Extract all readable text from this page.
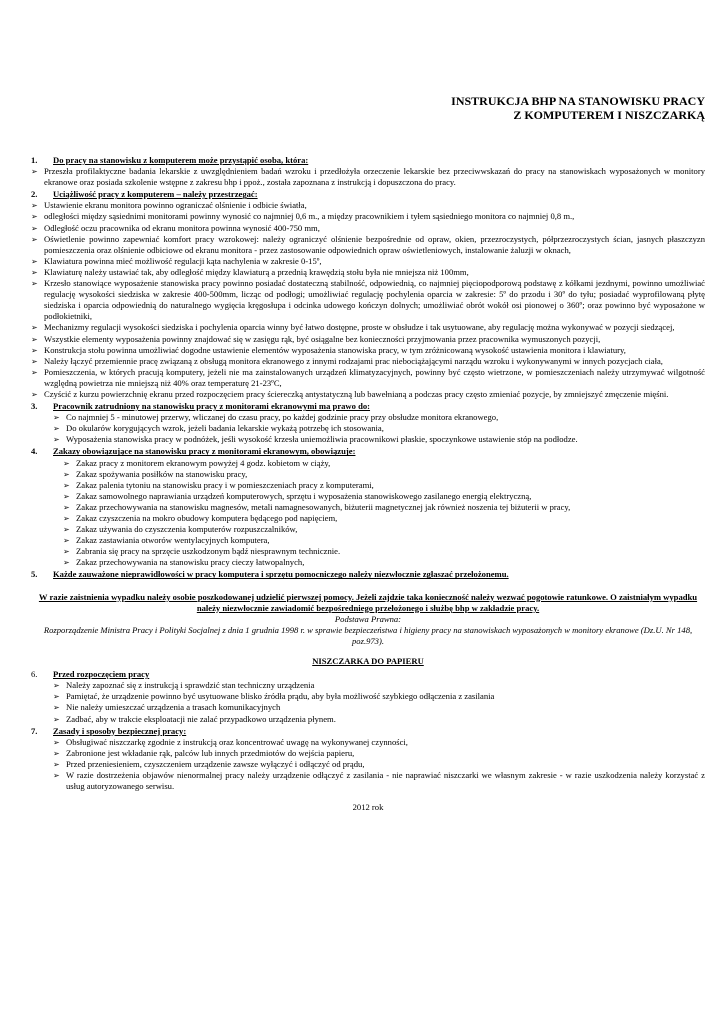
INSTRUKCJA BHP NA STANOWISKU PRACY
Z KOMPUTEREM I NISZCZARKĄ
1.	Do pracy na stanowisku z komputerem może przystąpić osoba, która:
➢ Przeszła profilaktyczne badania lekarskie z uwzględnieniem badań wzroku i przedłożyła orzeczenie lekarskie bez przeciwwskazań do pracy na stanowiskach wyposażonych w monitory ekranowe oraz posiada szkolenie wstępne z zakresu bhp i ppoż., została zapoznana z instrukcją i dopuszczona do pracy.
2.	Uciążliwość pracy z komputerem – należy przestrzegać:
➢ Ustawienie ekranu monitora powinno ograniczać olśnienie i odbicie światła,
➢ odległości między sąsiednimi monitorami powinny wynosić co najmniej 0,6 m., a między pracownikiem i tyłem sąsiedniego monitora co najmniej 0,8 m.,
➢ Odległość oczu pracownika od ekranu monitora powinna wynosić 400-750 mm,
➢ Oświetlenie powinno zapewniać komfort pracy wzrokowej: należy ograniczyć olśnienie bezpośrednie od opraw, okien, przezroczystych, półprzezroczystych ścian, jasnych płaszczyzn pomieszczenia oraz olśnienie odbiciowe od ekranu monitora - przez zastosowanie odpowiednich opraw oświetleniowych, instalowanie żaluzji w oknach,
➢ Klawiatura powinna mieć możliwość regulacji kąta nachylenia w zakresie 0-15º,
➢ Klawiaturę należy ustawiać tak, aby odległość między klawiaturą a przednią krawędzią stołu była nie mniejsza niż 100mm,
➢ Krzesło stanowiące wyposażenie stanowiska pracy powinno posiadać dostateczną stabilność, odpowiednią, co najmniej pięciopodporową podstawę z kółkami jezdnymi, powinno umożliwiać regulację wysokości siedziska w zakresie 400-500mm, licząc od podłogi; umożliwiać regulację pochylenia oparcia w zakresie: 5º do przodu i 30º do tyłu; posiadać wyprofilowaną płytę siedziska i oparcia odpowiednią do naturalnego wygięcia kręgosłupa i odcinka udowego kończyn dolnych; umożliwiać obrót wokół osi pionowej o 360º; oraz powinno być wyposażone w podłokietniki,
➢ Mechanizmy regulacji wysokości siedziska i pochylenia oparcia winny być łatwo dostępne, proste w obsłudze i tak usytuowane, aby regulację można wykonywać w pozycji siedzącej,
➢ Wszystkie elementy wyposażenia powinny znajdować się w zasięgu rąk, być osiągalne bez konieczności przyjmowania przez pracownika wymuszonych pozycji,
➢ Konstrukcja stołu powinna umożliwiać dogodne ustawienie elementów wyposażenia stanowiska pracy, w tym zróżnicowaną wysokość ustawienia monitora i klawiatury,
➢ Należy łączyć przemiennie pracę związaną z obsługą monitora ekranowego z innymi rodzajami prac niebociążającymi narządu wzroku i wykonywanymi w innych pozycjach ciała,
➢ Pomieszczenia, w których pracują komputery, jeżeli nie ma zainstalowanych urządzeń klimatyzacyjnych, powinny być często wietrzone, w pomieszczeniach należy utrzymywać wilgotność względną powietrza nie mniejszą niż 40% oraz temperaturę 21-23ºC,
➢ Czyścić z kurzu powierzchnię ekranu przed rozpoczęciem pracy ściereczką antystatyczną lub bawełnianą a podczas pracy często zmieniać pozycje, by zmniejszyć zmęczenie mięśni.
3.	Pracownik zatrudniony na stanowisku pracy z monitorami ekranowymi ma prawo do:
➢ Co najmniej 5 - minutowej przerwy, wliczanej do czasu pracy, po każdej godzinie pracy przy obsłudze monitora ekranowego,
➢ Do okularów korygujących wzrok, jeżeli badania lekarskie wykażą potrzebę ich stosowania,
➢ Wyposażenia stanowiska pracy w podnóżek, jeśli wysokość krzesła uniemożliwia pracownikowi płaskie, spoczynkowe ustawienie stóp na podłodze.
4.	Zakazy obowiązujące na stanowisku pracy z monitorami ekranowym, obowiązuje:
➢ Zakaz pracy z monitorem ekranowym powyżej 4 godz. kobietom w ciąży,
➢ Zakaz spożywania posiłków na stanowisku pracy,
➢ Zakaz palenia tytoniu na stanowisku pracy i w pomieszczeniach pracy z komputerami,
➢ Zakaz samowolnego naprawiania urządzeń komputerowych, sprzętu i wyposażenia stanowiskowego zasilanego energią elektryczną,
➢ Zakaz przechowywania na stanowisku magnesów, metali namagnesowanych, biżuterii magnetycznej jak również noszenia tej biżuterii w pracy,
➢ Zakaz czyszczenia na mokro obudowy komputera będącego pod napięciem,
➢ Zakaz używania do czyszczenia komputerów rozpuszczalników,
➢ Zakaz zastawiania otworów wentylacyjnych komputera,
➢ Zabrania się pracy na sprzęcie uszkodzonym bądź niesprawnym technicznie.
➢ Zakaz przechowywania na stanowisku pracy cieczy łatwopalnych,
5.	Każde zauważone nieprawidłowości w pracy komputera i sprzętu pomocniczego należy niezwłocznie zgłaszać przełożonemu.
W razie zaistnienia wypadku należy osobie poszkodowanej udzielić pierwszej pomocy. Jeżeli zajdzie taka konieczność należy wezwać pogotowie ratunkowe. O zaistniałym wypadku należy niezwłocznie zawiadomić bezpośredniego przełożonego i służbę bhp w zakładzie pracy.
Podstawa Prawna:
Rozporządzenie Ministra Pracy i Polityki Socjalnej z dnia 1 grudnia 1998 r. w sprawie bezpieczeństwa i higieny pracy na stanowiskach wyposażonych w monitory ekranowe (Dz.U. Nr 148, poz.973).
NISZCZARKA DO PAPIERU
6.	Przed rozpoczęciem pracy
➢ Należy zapoznać się z instrukcją i sprawdzić stan techniczny urządzenia
➢ Pamiętać, że urządzenie powinno być usytuowane blisko źródła prądu, aby była możliwość szybkiego odłączenia z zasilania
➢ Nie należy umieszczać urządzenia a trasach komunikacyjnych
➢ Zadbać, aby w trakcie eksploatacji nie zalać przypadkowo urządzenia płynem.
7.	Zasady i sposoby bezpiecznej pracy:
➢ Obsługiwać niszczarkę zgodnie z instrukcją oraz koncentrować uwagę na wykonywanej czynności,
➢ Zabronione jest wkładanie rąk, palców lub innych przedmiotów do wejścia papieru,
➢ Przed przeniesieniem, czyszczeniem urządzenie zawsze wyłączyć i odłączyć od prądu,
➢ W razie dostrzeżenia objawów nienormalnej pracy należy urządzenie odłączyć z zasilania - nie naprawiać niszczarki we własnym zakresie - w razie uszkodzenia należy korzystać z usług autoryzowanego serwisu.
2012 rok
